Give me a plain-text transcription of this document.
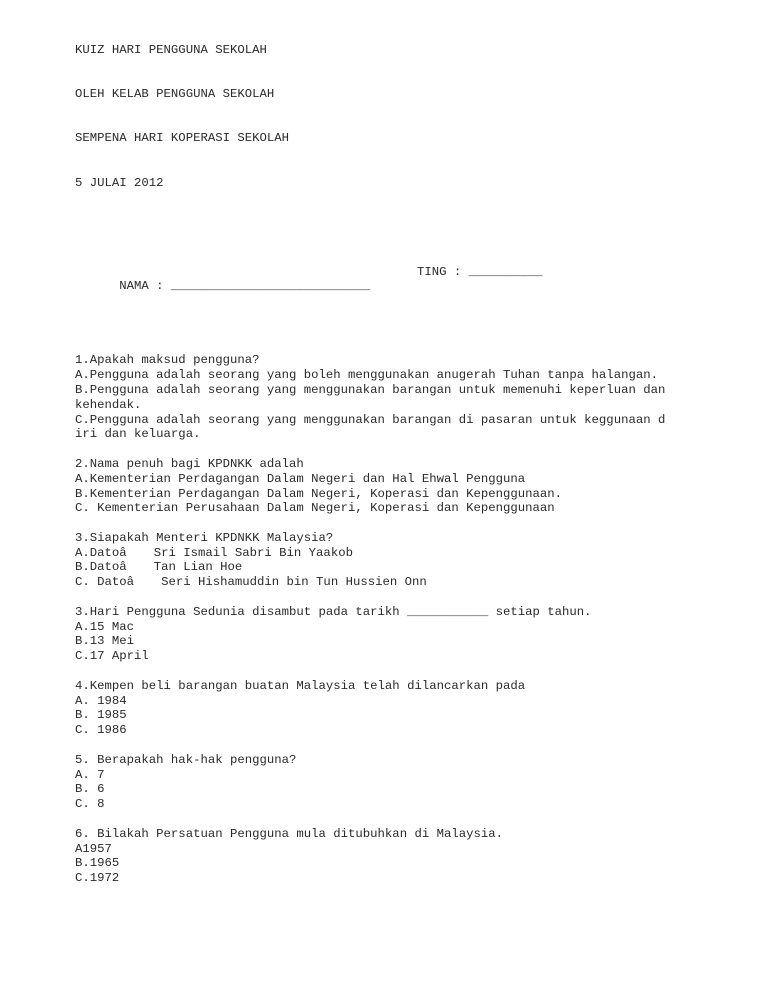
KUIZ HARI PENGGUNA SEKOLAH

OLEH KELAB PENGGUNA SEKOLAH

SEMPENA HARI KOPERASI SEKOLAH

5 JULAI 2012

NAMA : ___________________________

TING : __________

1.Apakah maksud pengguna?
A.Pengguna adalah seorang yang boleh menggunakan anugerah Tuhan tanpa halangan.
B.Pengguna adalah seorang yang menggunakan barangan untuk memenuhi keperluan dan
kehendak.
C.Pengguna adalah seorang yang menggunakan barangan di pasaran untuk keggunaan d
iri dan keluarga.
2.Nama penuh bagi KPDNKK adalah
A.Kementerian Perdagangan Dalam Negeri dan Hal Ehwal Pengguna
B.Kementerian Perdagangan Dalam Negeri, Koperasi dan Kepenggunaan.
C. Kementerian Perusahaan Dalam Negeri, Koperasi dan Kepenggunaan
3.Siapakah Menteri KPDNKK Malaysia?
A.Datoâ Sri Ismail Sabri Bin Yaakob
B.Datoâ Tan Lian Hoe
C. Datoâ Seri Hishamuddin bin Tun Hussien Onn
3.Hari Pengguna Sedunia disambut pada tarikh ___________ setiap tahun.
A.15 Mac
B.13 Mei
C.17 April
4.Kempen beli barangan buatan Malaysia telah dilancarkan pada
A. 1984
B. 1985
C. 1986
5. Berapakah hak-hak pengguna?
A. 7
B. 6
C. 8
6. Bilakah Persatuan Pengguna mula ditubuhkan di Malaysia.
A1957
B.1965
C.1972
